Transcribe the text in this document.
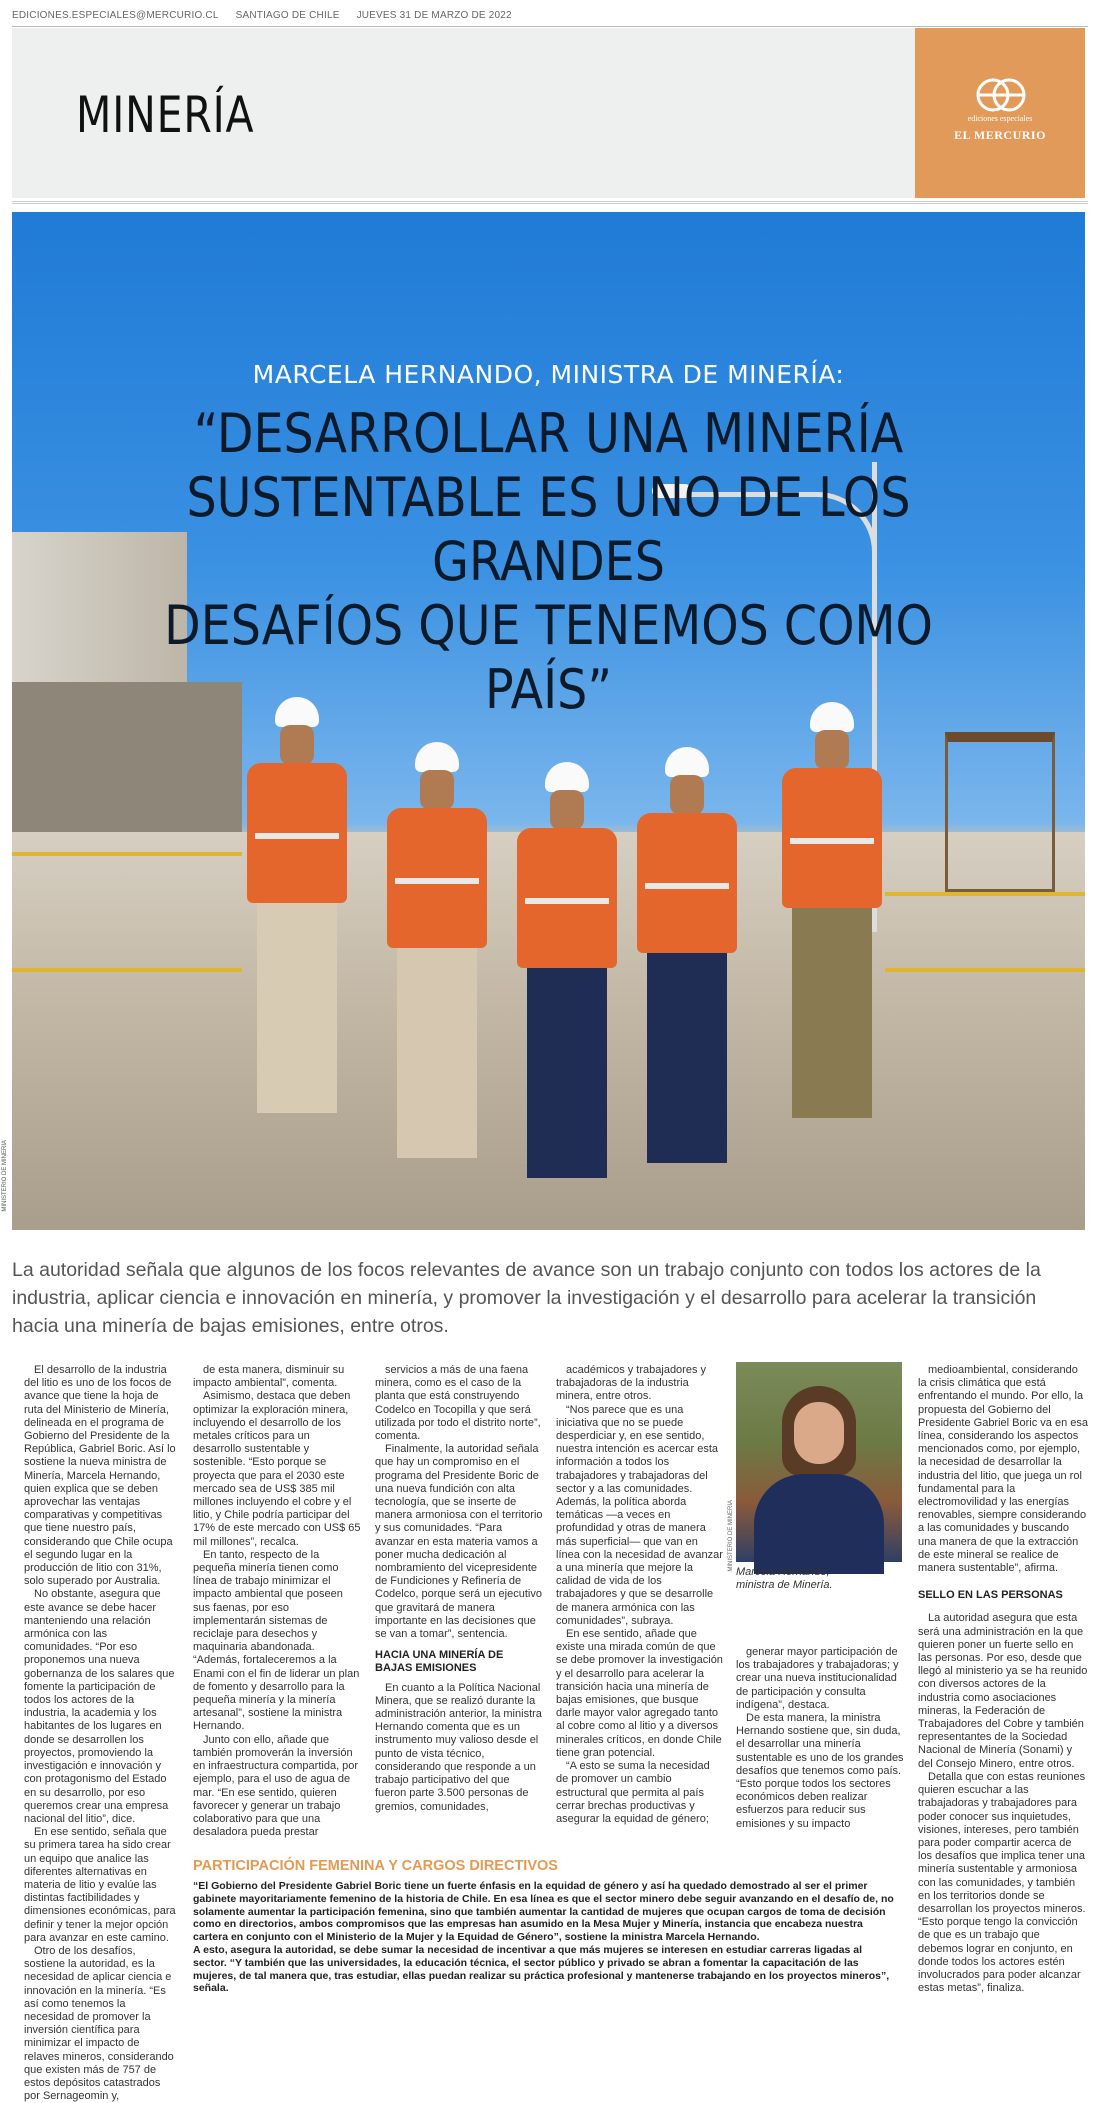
EDICIONES.ESPECIALES@MERCURIO.CL SANTIAGO DE CHILE JUEVES 31 DE MARZO DE 2022
MINERÍA	ediciones especiales
EL MERCURIO
MARCELA HERNANDO, MINISTRA DE MINERÍA:
“DESARROLLAR UNA MINERÍA
SUSTENTABLE ES UNO DE LOS GRANDES
DESAFÍOS QUE TENEMOS COMO PAÍS”
MINISTERIO DE MINERÍA
La autoridad señala que algunos de los focos relevantes de avance son un trabajo conjunto con todos los actores de la industria, aplicar ciencia e innovación en minería, y promover la investigación y el desarrollo para acelerar la transición hacia una minería de bajas emisiones, entre otros.

El desarrollo de la industria del litio es uno de los focos de avance que tiene la hoja de ruta del Ministerio de Minería, delineada en el programa de Gobierno del Presidente de la República, Gabriel Boric. Así lo sostiene la nueva ministra de Minería, Marcela Hernando, quien explica que se deben aprovechar las ventajas comparativas y competitivas que tiene nuestro país, considerando que Chile ocupa el segundo lugar en la producción de litio con 31%, solo superado por Australia.

No obstante, asegura que este avance se debe hacer manteniendo una relación armónica con las comunidades. “Por eso proponemos una nueva gobernanza de los salares que fomente la participación de todos los actores de la industria, la academia y los habitantes de los lugares en donde se desarrollen los proyectos, promoviendo la investigación e innovación y con protagonismo del Estado en su desarrollo, por eso queremos crear una empresa nacional del litio”, dice.

En ese sentido, señala que su primera tarea ha sido crear un equipo que analice las diferentes alternativas en materia de litio y evalúe las distintas factibilidades y dimensiones económicas, para definir y tener la mejor opción para avanzar en este camino.

Otro de los desafíos, sostiene la autoridad, es la necesidad de aplicar ciencia e innovación en la minería. “Es así como tenemos la necesidad de promover la inversión científica para minimizar el impacto de relaves mineros, considerando que existen más de 757 de estos depósitos catastrados por Sernageomin y,

de esta manera, disminuir su impacto ambiental”, comenta.

Asimismo, destaca que deben optimizar la exploración minera, incluyendo el desarrollo de los metales críticos para un desarrollo sustentable y sostenible. “Esto porque se proyecta que para el 2030 este mercado sea de US$ 385 mil millones incluyendo el cobre y el litio, y Chile podría participar del 17% de este mercado con US$ 65 mil millones”, recalca.

En tanto, respecto de la pequeña minería tienen como línea de trabajo minimizar el impacto ambiental que poseen sus faenas, por eso implementarán sistemas de reciclaje para desechos y maquinaria abandonada. “Además, fortaleceremos a la Enami con el fin de liderar un plan de fomento y desarrollo para la pequeña minería y la minería artesanal”, sostiene la ministra Hernando.

Junto con ello, añade que también promoverán la inversión en infraestructura compartida, por ejemplo, para el uso de agua de mar. “En ese sentido, quieren favorecer y generar un trabajo colaborativo para que una desaladora pueda prestar

servicios a más de una faena minera, como es el caso de la planta que está construyendo Codelco en Tocopilla y que será utilizada por todo el distrito norte”, comenta.

Finalmente, la autoridad señala que hay un compromiso en el programa del Presidente Boric de una nueva fundición con alta tecnología, que se inserte de manera armoniosa con el territorio y sus comunidades. “Para avanzar en esta materia vamos a poner mucha dedicación al nombramiento del vicepresidente de Fundiciones y Refinería de Codelco, porque será un ejecutivo que gravitará de manera importante en las decisiones que se van a tomar”, sentencia.

HACIA UNA MINERÍA DE BAJAS EMISIONES

En cuanto a la Política Nacional Minera, que se realizó durante la administración anterior, la ministra Hernando comenta que es un instrumento muy valioso desde el punto de vista técnico, considerando que responde a un trabajo participativo del que fueron parte 3.500 personas de gremios, comunidades,

académicos y trabajadores y trabajadoras de la industria minera, entre otros.

“Nos parece que es una iniciativa que no se puede desperdiciar y, en ese sentido, nuestra intención es acercar esta información a todos los trabajadores y trabajadoras del sector y a las comunidades. Además, la política aborda temáticas —a veces en profundidad y otras de manera más superficial— que van en línea con la necesidad de avanzar a una minería que mejore la calidad de vida de los trabajadores y que se desarrolle de manera armónica con las comunidades”, subraya.

En ese sentido, añade que existe una mirada común de que se debe promover la investigación y el desarrollo para acelerar la transición hacia una minería de bajas emisiones, que busque darle mayor valor agregado tanto al cobre como al litio y a diversos minerales críticos, en donde Chile tiene gran potencial.

“A esto se suma la necesidad de promover un cambio estructural que permita al país cerrar brechas productivas y asegurar la equidad de género;

MINISTERIO DE MINERÍA
Marcela Hernando,
ministra de Minería.

generar mayor participación de los trabajadores y trabajadoras; y crear una nueva institucionalidad de participación y consulta indígena”, destaca.

De esta manera, la ministra Hernando sostiene que, sin duda, el desarrollar una minería sustentable es uno de los grandes desafíos que tenemos como país. “Esto porque todos los sectores económicos deben realizar esfuerzos para reducir sus emisiones y su impacto

medioambiental, considerando la crisis climática que está enfrentando el mundo. Por ello, la propuesta del Gobierno del Presidente Gabriel Boric va en esa línea, considerando los aspectos mencionados como, por ejemplo, la necesidad de desarrollar la industria del litio, que juega un rol fundamental para la electromovilidad y las energías renovables, siempre considerando a las comunidades y buscando una manera de que la extracción de este mineral se realice de manera sustentable”, afirma.

SELLO EN LAS PERSONAS

La autoridad asegura que esta será una administración en la que quieren poner un fuerte sello en las personas. Por eso, desde que llegó al ministerio ya se ha reunido con diversos actores de la industria como asociaciones mineras, la Federación de Trabajadores del Cobre y también representantes de la Sociedad Nacional de Minería (Sonami) y del Consejo Minero, entre otros.

Detalla que con estas reuniones quieren escuchar a las trabajadoras y trabajadores para poder conocer sus inquietudes, visiones, intereses, pero también para poder compartir acerca de los desafíos que implica tener una minería sustentable y armoniosa con las comunidades, y también en los territorios donde se desarrollan los proyectos mineros. “Esto porque tengo la convicción de que es un trabajo que debemos lograr en conjunto, en donde todos los actores estén involucrados para poder alcanzar estas metas”, finaliza.

PARTICIPACIÓN FEMENINA Y CARGOS DIRECTIVOS

“El Gobierno del Presidente Gabriel Boric tiene un fuerte énfasis en la equidad de género y así ha quedado demostrado al ser el primer gabinete mayoritariamente femenino de la historia de Chile. En esa línea es que el sector minero debe seguir avanzando en el desafío de, no solamente aumentar la participación femenina, sino que también aumentar la cantidad de mujeres que ocupan cargos de toma de decisión como en directorios, ambos compromisos que las empresas han asumido en la Mesa Mujer y Minería, instancia que encabeza nuestra cartera en conjunto con el Ministerio de la Mujer y la Equidad de Género”, sostiene la ministra Marcela Hernando.

A esto, asegura la autoridad, se debe sumar la necesidad de incentivar a que más mujeres se interesen en estudiar carreras ligadas al sector. “Y también que las universidades, la educación técnica, el sector público y privado se abran a fomentar la capacitación de las mujeres, de tal manera que, tras estudiar, ellas puedan realizar su práctica profesional y mantenerse trabajando en los proyectos mineros”, señala.
